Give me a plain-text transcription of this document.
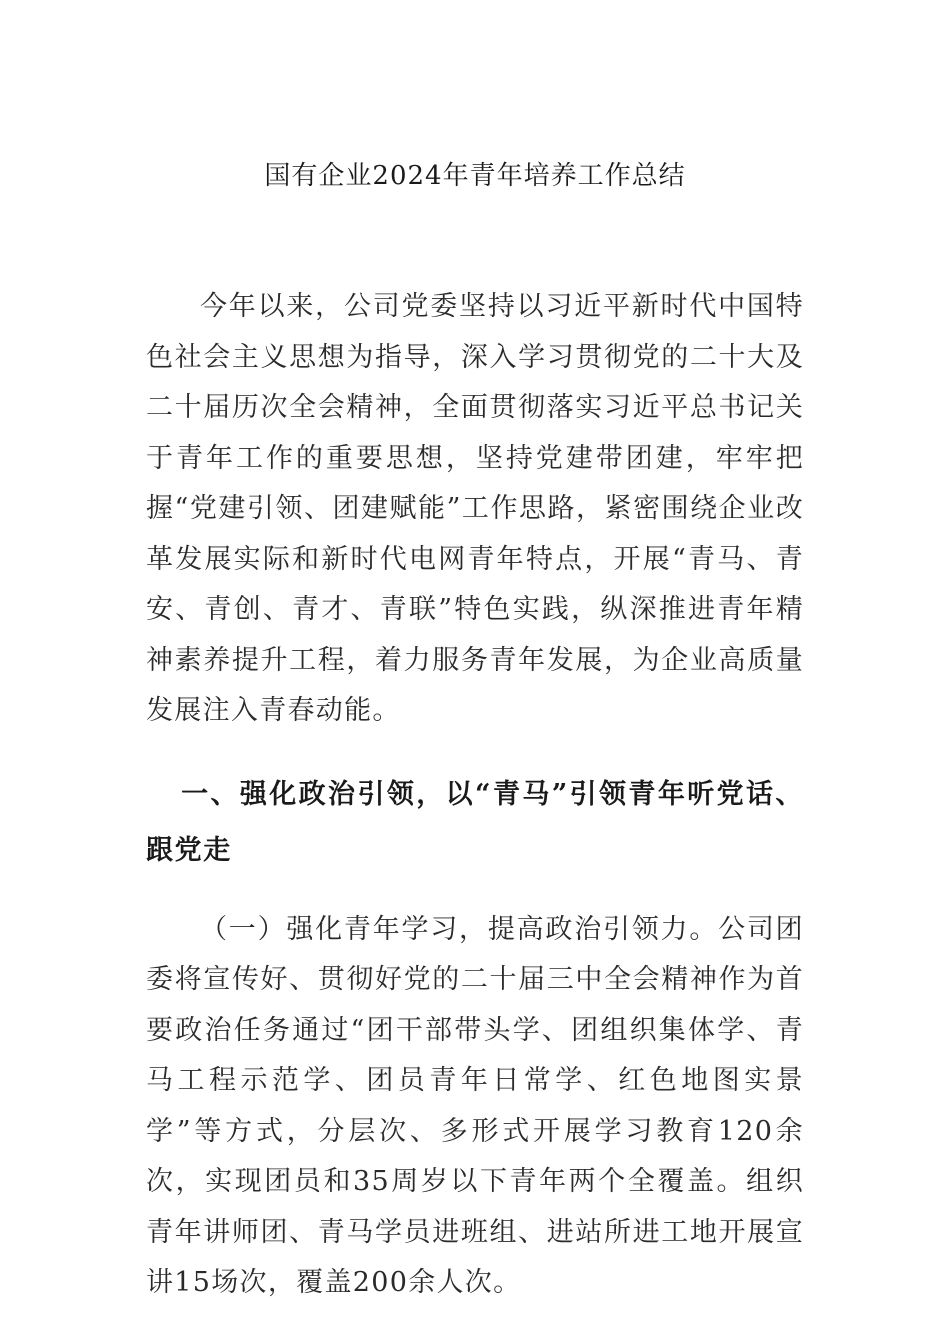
国有企业2024年青年培养工作总结

今年以来，公司党委坚持以习近平新时代中国特色社会主义思想为指导，深入学习贯彻党的二十大及二十届历次全会精神，全面贯彻落实习近平总书记关于青年工作的重要思想，坚持党建带团建，牢牢把握“党建引领、团建赋能”工作思路，紧密围绕企业改革发展实际和新时代电网青年特点，开展“青马、青安、青创、青才、青联”特色实践，纵深推进青年精神素养提升工程，着力服务青年发展，为企业高质量发展注入青春动能。

一、强化政治引领，以“青马”引领青年听党话、跟党走

（一）强化青年学习，提高政治引领力。公司团委将宣传好、贯彻好党的二十届三中全会精神作为首要政治任务通过“团干部带头学、团组织集体学、青马工程示范学、团员青年日常学、红色地图实景学”等方式，分层次、多形式开展学习教育120余次，实现团员和35周岁以下青年两个全覆盖。组织青年讲师团、青马学员进班组、进站所进工地开展宣讲15场次，覆盖200余人次。
